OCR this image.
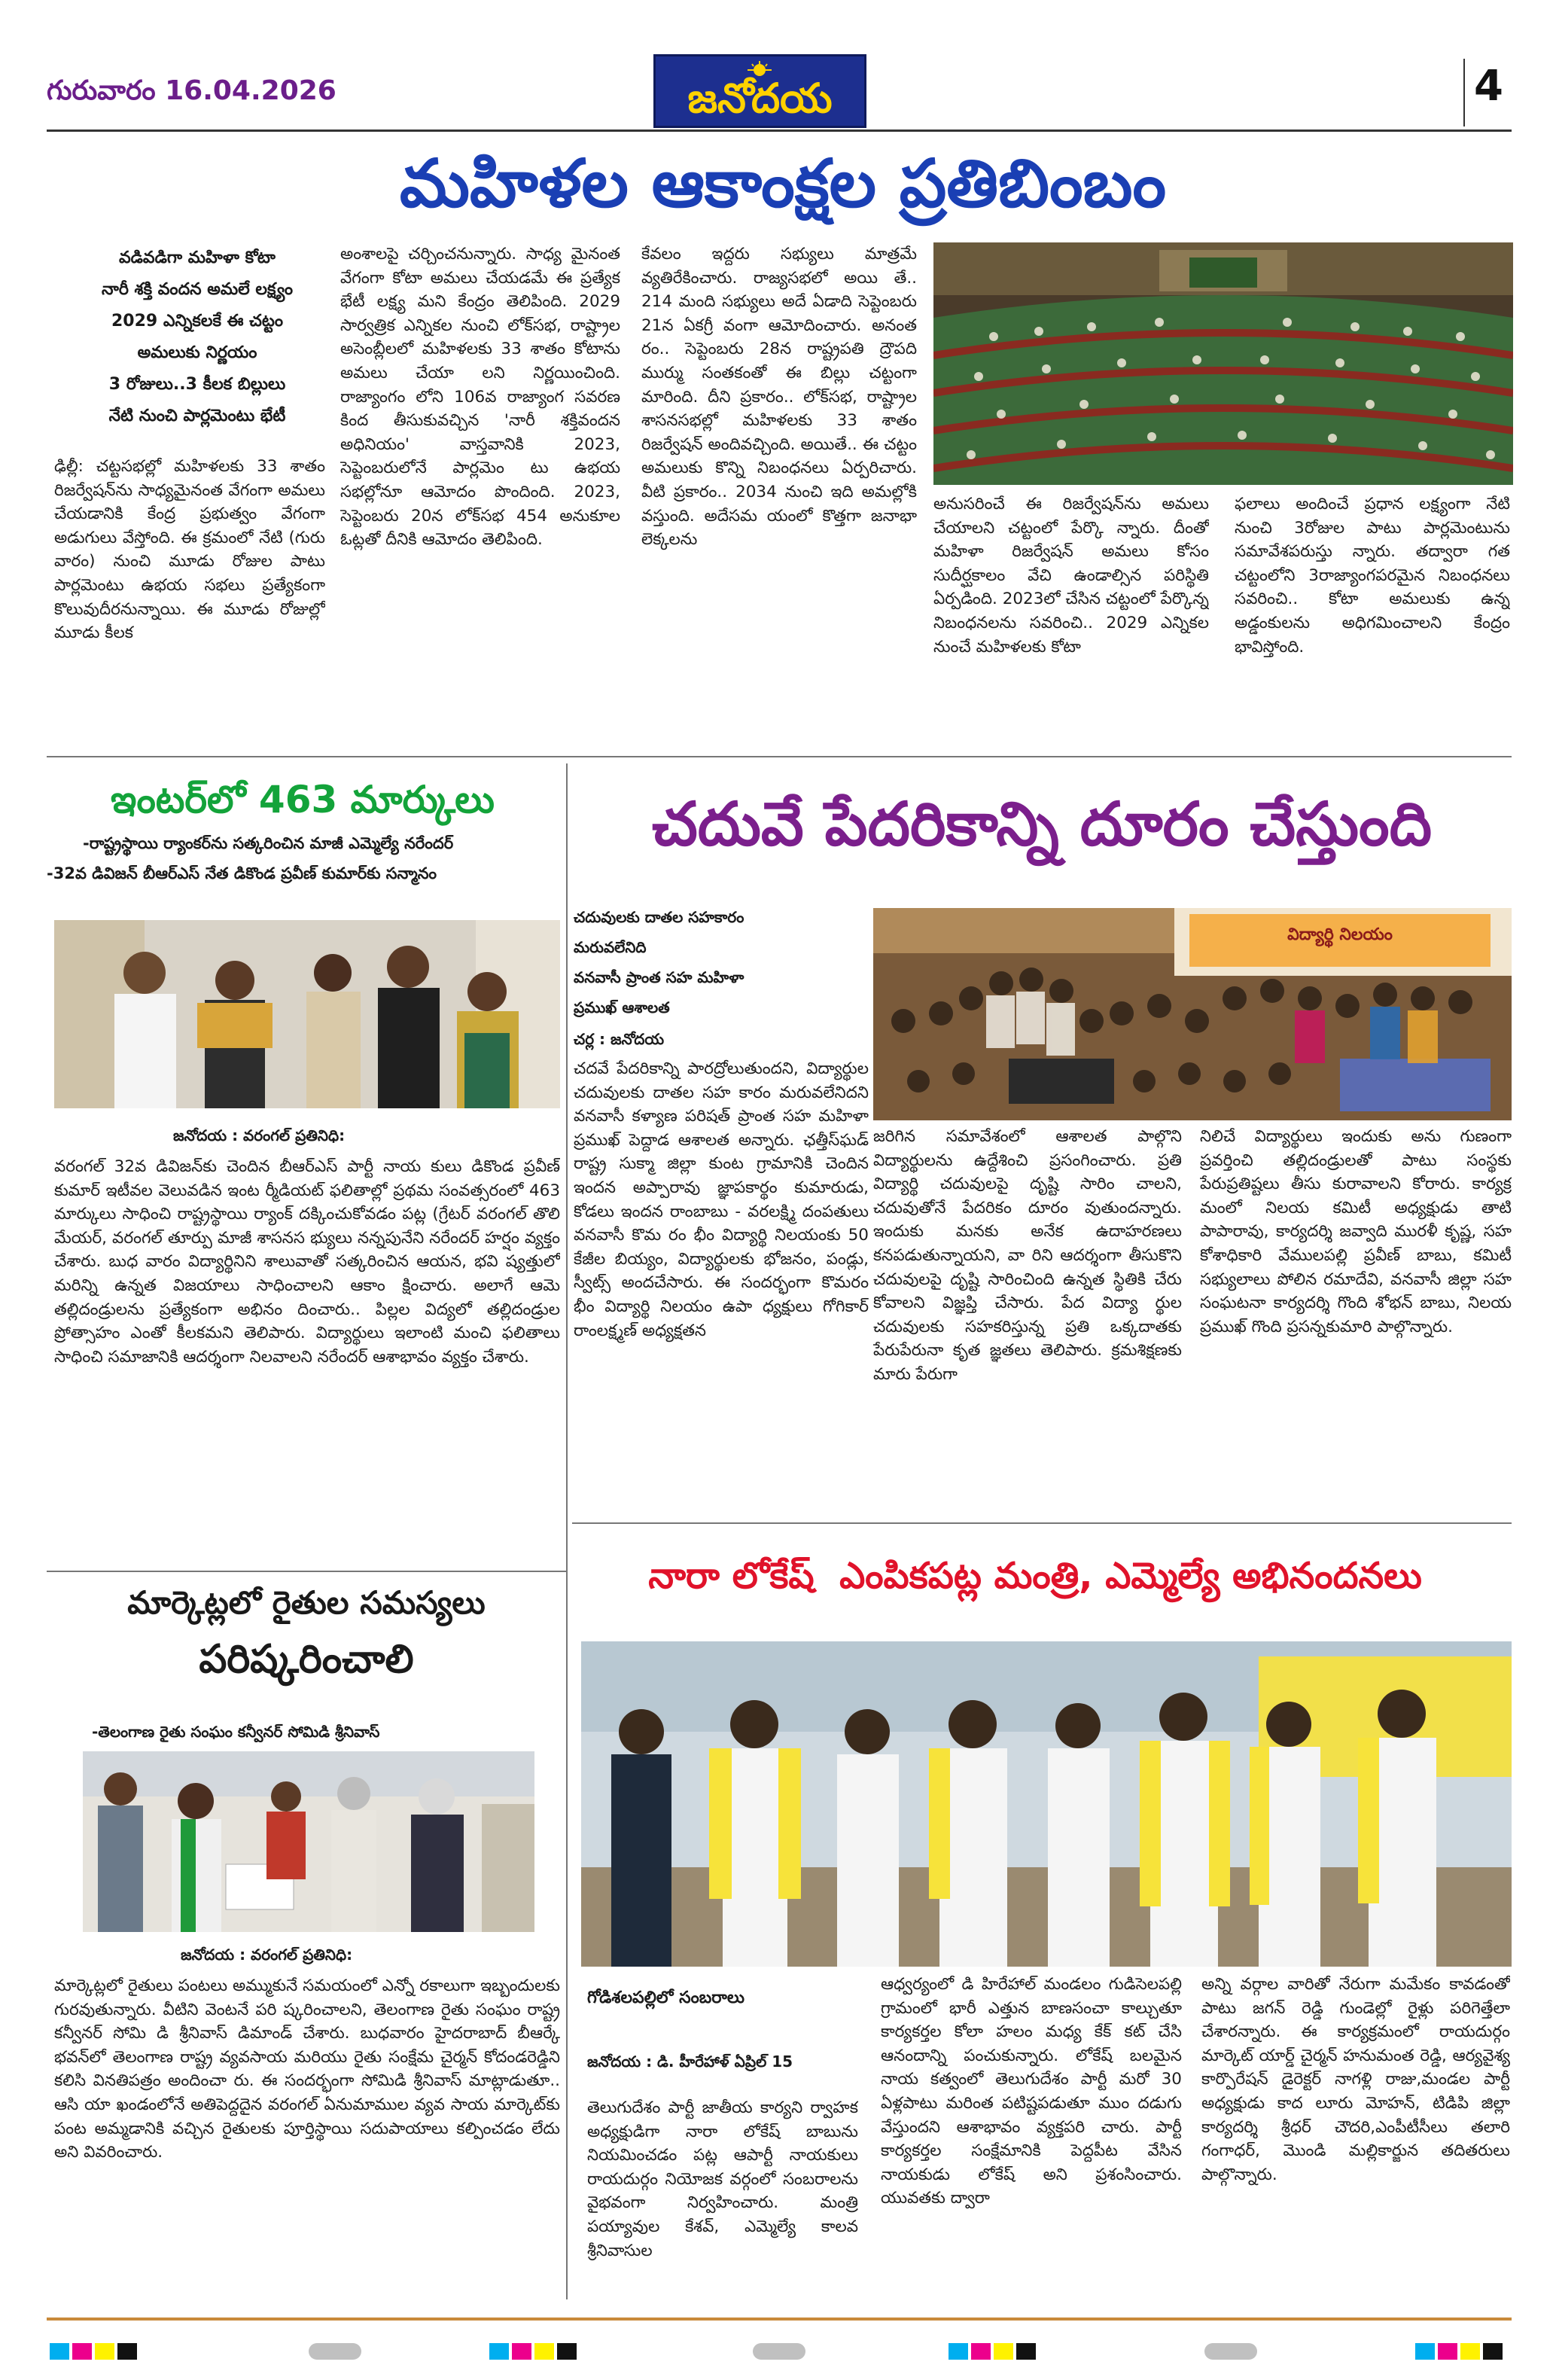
గురువారం 16.04.2026	జనోదయ	4
మహిళల ఆకాంక్షల ప్రతిబింబం
వడివడిగా మహిళా కోటా
నారీ శక్తి వందన అమలే లక్ష్యం
2029 ఎన్నికలకే ఈ చట్టం
అమలుకు నిర్ణయం
3 రోజులు..3 కీలక బిల్లులు
నేటి నుంచి పార్లమెంటు భేటీ

ఢిల్లీ: చట్టసభల్లో మహిళలకు 33 శాతం రిజర్వేషన్‌ను సాధ్యమైనంత వేగంగా అమలు చేయడానికి కేంద్ర ప్రభుత్వం వేగంగా అడుగులు వేస్తోంది. ఈ క్రమంలో నేటి (గురు వారం) నుంచి మూడు రోజుల పాటు పార్లమెంటు ఉభయ సభలు ప్రత్యేకంగా కొలువుదీరనున్నాయి. ఈ మూడు రోజుల్లో మూడు కీలక

అంశాలపై చర్చించనున్నారు. సాధ్య మైనంత వేగంగా కోటా అమలు చేయడమే ఈ ప్రత్యేక భేటీ లక్ష్య మని కేంద్రం తెలిపింది. 2029 సార్వత్రిక ఎన్నికల నుంచి లోక్‌సభ, రాష్ట్రాల అసెంబ్లీలలో మహిళలకు 33 శాతం కోటాను అమలు చేయా లని నిర్ణయించింది. రాజ్యాంగం లోని 106వ రాజ్యాంగ సవరణ కింద తీసుకువచ్చిన 'నారీ శక్తివందన అధినియం' వాస్తవానికి 2023, సెప్టెంబరులోనే పార్లమెం టు ఉభయ సభల్లోనూ ఆమోదం పొందింది. 2023, సెప్టెంబరు 20న లోక్‌సభ 454 అనుకూల ఓట్లతో దీనికి ఆమోదం తెలిపింది.

కేవలం ఇద్దరు సభ్యులు మాత్రమే వ్యతిరేకించారు. రాజ్యసభలో అయి తే.. 214 మంది సభ్యులు అదే ఏడాది సెప్టెంబరు 21న ఏకగ్రీ వంగా ఆమోదించారు. అనంత రం.. సెప్టెంబరు 28న రాష్ట్రపతి ద్రౌపది ముర్ము సంతకంతో ఈ బిల్లు చట్టంగా మారింది. దీని ప్రకారం.. లోక్‌సభ, రాష్ట్రాల శాసనసభల్లో మహిళలకు 33 శాతం రిజర్వేషన్ అందివచ్చింది. అయితే.. ఈ చట్టం అమలుకు కొన్ని నిబంధనలు ఏర్పరిచారు. వీటి ప్రకారం.. 2034 నుంచి ఇది అమల్లోకి వస్తుంది. అదేసమ యంలో కొత్తగా జనాభా లెక్కలను

అనుసరించే ఈ రిజర్వేషన్‌ను అమలు చేయాలని చట్టంలో పేర్కొ న్నారు. దీంతో మహిళా రిజర్వేషన్ అమలు కోసం సుదీర్ఘకాలం వేచి ఉండాల్సిన పరిస్థితి ఏర్పడింది. 2023లో చేసిన చట్టంలో పేర్కొన్న నిబంధనలను సవరించి.. 2029 ఎన్నికల నుంచే మహిళలకు కోటా

ఫలాలు అందించే ప్రధాన లక్ష్యంగా నేటి నుంచి 3రోజుల పాటు పార్లమెంటును సమావేశపరుస్తు న్నారు. తద్వారా గత చట్టంలోని 3రాజ్యాంగపరమైన నిబంధనలు సవరించి.. కోటా అమలుకు ఉన్న అడ్డంకులను అధిగమించాలని కేంద్రం భావిస్తోంది.

ఇంటర్‌లో 463 మార్కులు
-రాష్ట్రస్థాయి ర్యాంకర్‌ను సత్కరించిన మాజీ ఎమ్మెల్యే నరేందర్
-32వ డివిజన్ బీఆర్ఎస్ నేత డికొండ ప్రవీణ్ కుమార్‌కు సన్మానం
జనోదయ : వరంగల్ ప్రతినిధి:

వరంగల్ 32వ డివిజన్‌కు చెందిన బీఆర్ఎస్ పార్టీ నాయ కులు డికొండ ప్రవీణ్ కుమార్ ఇటీవల వెలువడిన ఇంట ర్మీడియట్ ఫలితాల్లో ప్రథమ సంవత్సరంలో 463 మార్కులు సాధించి రాష్ట్రస్థాయి ర్యాంక్ దక్కించుకోవడం పట్ల (గ్రేటర్ వరంగల్ తొలి మేయర్, వరంగల్ తూర్పు మాజీ శాసనస భ్యులు నన్నపునేని నరేందర్ హర్షం వ్యక్తం చేశారు. బుధ వారం విద్యార్థినిని శాలువాతో సత్కరించిన ఆయన, భవి ష్యత్తులో మరిన్ని ఉన్నత విజయాలు సాధించాలని ఆకాం క్షించారు. అలాగే ఆమె తల్లిదండ్రులను ప్రత్యేకంగా అభినం దించారు.. పిల్లల విద్యలో తల్లిదండ్రుల ప్రోత్సాహం ఎంతో కీలకమని తెలిపారు. విద్యార్థులు ఇలాంటి మంచి ఫలితాలు సాధించి సమాజానికి ఆదర్శంగా నిలవాలని నరేందర్ ఆశాభావం వ్యక్తం చేశారు.

మార్కెట్లలో రైతుల సమస్యలు
పరిష్కరించాలి
-తెలంగాణ రైతు సంఘం కన్వీనర్ సోమిడి శ్రీనివాస్
జనోదయ : వరంగల్ ప్రతినిధి:

మార్కెట్లలో రైతులు పంటలు అమ్ముకునే సమయంలో ఎన్నో రకాలుగా ఇబ్బందులకు గురవుతున్నారు. వీటిని వెంటనే పరి ష్కరించాలని, తెలంగాణ రైతు సంఘం రాష్ట్ర కన్వీనర్ సోమి డి శ్రీనివాస్ డిమాండ్ చేశారు. బుధవారం హైదరాబాద్ బీఆర్కే భవన్‌లో తెలంగాణ రాష్ట్ర వ్యవసాయ మరియు రైతు సంక్షేమ చైర్మన్ కోదండరెడ్డిని కలిసి వినతిపత్రం అందించా రు. ఈ సందర్భంగా సోమిడి శ్రీనివాస్ మాట్లాడుతూ.. ఆసి యా ఖండంలోనే అతిపెద్దదైన వరంగల్ ఏనుమాముల వ్యవ సాయ మార్కెట్‌కు పంట అమ్మడానికి వచ్చిన రైతులకు పూర్తిస్థాయి సదుపాయాలు కల్పించడం లేదు అని వివరించారు.

చదువే పేదరికాన్ని దూరం చేస్తుంది
చదువులకు దాతల సహకారం
మరువలేనిది
వనవాసీ ప్రాంత సహ మహిళా
ప్రముఖ్ ఆశాలత
చర్ల : జనోదయ

చదవే పేదరికాన్ని పారద్రోలుతుందని, విద్యార్థుల చదువులకు దాతల సహ కారం మరువలేనిదని వనవాసీ కళ్యాణ పరిషత్ ప్రాంత సహ మహిళా ప్రముఖ్ పెద్దాడ ఆశాలత అన్నారు. ఛత్తీస్‌ఘడ్ రాష్ట్ర సుక్మా జిల్లా కుంట గ్రామానికి చెందిన ఇందన అప్పారావు జ్ఞాపకార్థం కుమారుడు, కోడలు ఇందన రాంబాబు - వరలక్ష్మి దంపతులు వనవాసీ కొమ రం భీం విద్యార్థి నిలయంకు 50 కేజీల బియ్యం, విద్యార్థులకు భోజనం, పండ్లు, స్వీట్స్ అందచేసారు. ఈ సందర్భంగా కొమరం భీం విద్యార్థి నిలయం ఉపా ధ్యక్షులు గోగికార్ రాంలక్ష్మణ్ అధ్యక్షతన

విద్యార్థి నిలయం

జరిగిన సమావేశంలో ఆశాలత పాల్గొని విద్యార్థులను ఉద్దేశించి ప్రసంగించారు. ప్రతి విద్యార్థి చదువులపై దృష్టి సారిం చాలని, చదువుతోనే పేదరికం దూరం వుతుందన్నారు. ఇందుకు మనకు అనేక ఉదాహరణలు కనపడుతున్నాయని, వా రిని ఆదర్శంగా తీసుకొని చదువులపై దృష్టి సారించింది ఉన్నత స్థితికి చేరు కోవాలని విజ్ఞప్తి చేసారు. పేద విద్యా ర్థుల చదువులకు సహకరిస్తున్న ప్రతి ఒక్కదాతకు పేరుపేరునా కృత జ్ఞతలు తెలిపారు. క్రమశిక్షణకు మారు పేరుగా

నిలిచే విద్యార్థులు ఇందుకు అను గుణంగా ప్రవర్తించి తల్లిదండ్రులతో పాటు సంస్థకు పేరుప్రతిష్టలు తీసు కురావాలని కోరారు. కార్యక్ర మంలో నిలయ కమిటీ అధ్యక్షుడు తాటి పాపారావు, కార్యదర్శి జవ్వాది మురళీ కృష్ణ, సహ కోశాధికారి వేములపల్లి ప్రవీణ్ బాబు, కమిటీ సభ్యులాలు పోలిన రమాదేవి, వనవాసీ జిల్లా సహ సంఘటనా కార్యదర్శి గొంది శోభన్ బాబు, నిలయ ప్రముఖ్ గొంది ప్రసన్నకుమారి పాల్గొన్నారు.

నారా లోకేష్  ఎంపికపట్ల మంత్రి, ఎమ్మెల్యే అభినందనలు
గోడిశలపల్లిలో సంబరాలు
జనోదయ : డి. హీరేహాళ్ ఏప్రిల్ 15

తెలుగుదేశం పార్టీ జాతీయ కార్యని ర్వాహక అధ్యక్షుడిగా నారా లోకేష్ బాబును నియమించడం పట్ల ఆపార్టీ నాయకులు రాయదుర్గం నియోజక వర్గంలో సంబరాలను వైభవంగా నిర్వహించారు. మంత్రి పయ్యావుల కేశవ్, ఎమ్మెల్యే కాలవ శ్రీనివాసుల

ఆధ్వర్యంలో డి హిరేహాల్ మండలం గుడిసెలపల్లి గ్రామంలో భారీ ఎత్తున బాణసంచా కాల్చుతూ కార్యకర్తల కోలా హలం మధ్య కేక్ కట్ చేసి ఆనందాన్ని పంచుకున్నారు. లోకేష్ బలమైన నాయ కత్వంలో తెలుగుదేశం పార్టీ మరో 30 ఏళ్లపాటు మరింత పటిష్టపడుతూ ముం దడుగు వేస్తుందని ఆశాభావం వ్యక్తపరి చారు. పార్టీ కార్యకర్తల సంక్షేమానికి పెద్దపీట వేసిన నాయకుడు లోకేష్ అని ప్రశంసించారు. యువతకు ద్వారా

అన్ని వర్గాల వారితో నేరుగా మమేకం కావడంతో పాటు జగన్ రెడ్డి గుండెల్లో రైళ్లు పరిగెత్తేలా చేశారన్నారు. ఈ కార్యక్రమంలో రాయదుర్గం మార్కెట్ యార్డ్ చైర్మన్ హనుమంత రెడ్డి, ఆర్యవైశ్య కార్పొరేషన్ డైరెక్టర్ నాగళ్లి రాజు,మండల పార్టీ అధ్యక్షుడు కాద లూరు మోహన్, టిడిపి జిల్లా కార్యదర్శి శ్రీధర్ చౌదరి,ఎంపీటీసీలు తలారి గంగాధర్, మొండి మల్లికార్జున తదితరులు పాల్గొన్నారు.
